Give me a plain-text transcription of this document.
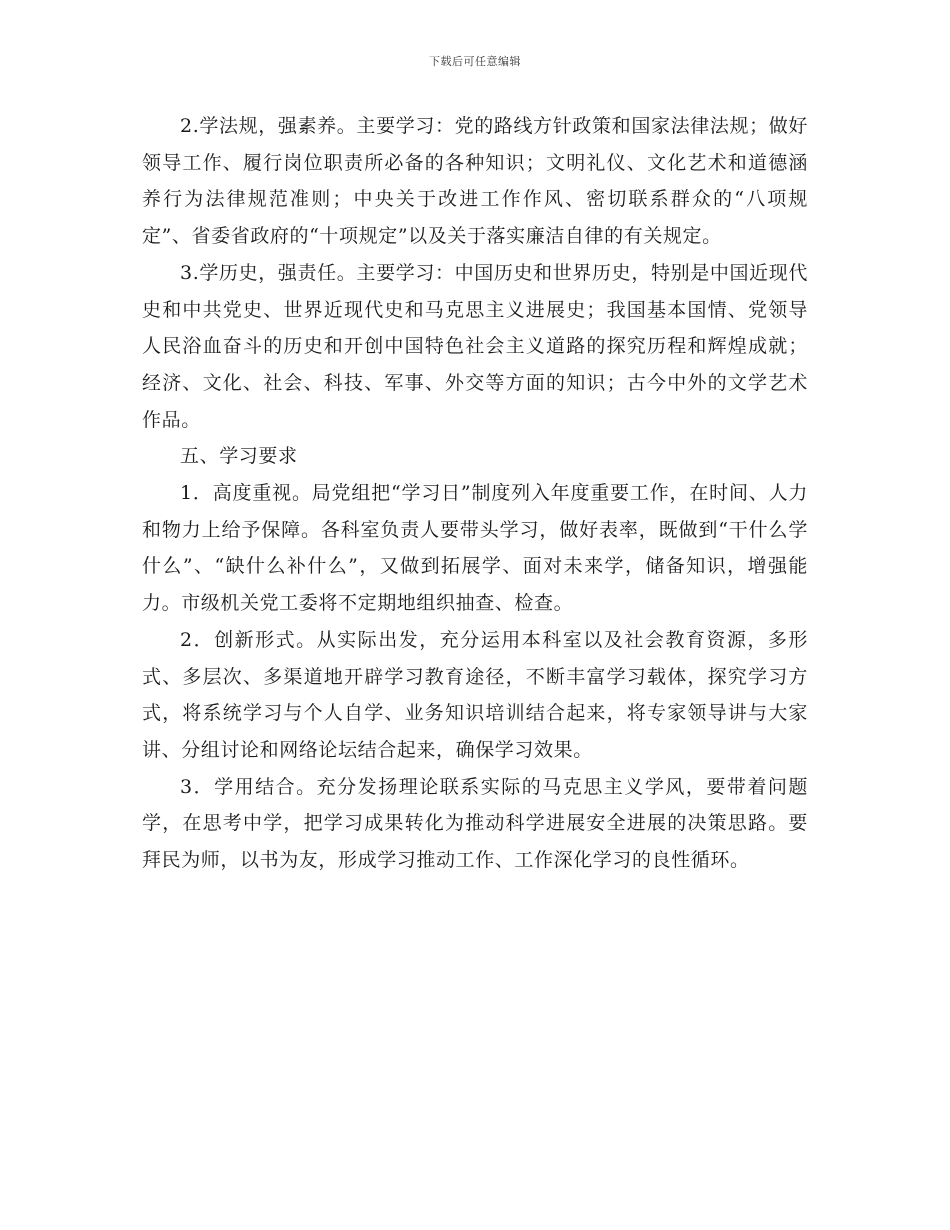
下载后可任意编辑

2.学法规，强素养。主要学习：党的路线方针政策和国家法律法规；做好领导工作、履行岗位职责所必备的各种知识；文明礼仪、文化艺术和道德涵养行为法律规范准则；中央关于改进工作作风、密切联系群众的“八项规定”、省委省政府的“十项规定”以及关于落实廉洁自律的有关规定。

3.学历史，强责任。主要学习：中国历史和世界历史，特别是中国近现代史和中共党史、世界近现代史和马克思主义进展史；我国基本国情、党领导人民浴血奋斗的历史和开创中国特色社会主义道路的探究历程和辉煌成就；经济、文化、社会、科技、军事、外交等方面的知识；古今中外的文学艺术作品。

五、学习要求

1．高度重视。局党组把“学习日”制度列入年度重要工作，在时间、人力和物力上给予保障。各科室负责人要带头学习，做好表率，既做到“干什么学什么”、“缺什么补什么”，又做到拓展学、面对未来学，储备知识，增强能力。市级机关党工委将不定期地组织抽查、检查。

2．创新形式。从实际出发，充分运用本科室以及社会教育资源，多形式、多层次、多渠道地开辟学习教育途径，不断丰富学习载体，探究学习方式，将系统学习与个人自学、业务知识培训结合起来，将专家领导讲与大家讲、分组讨论和网络论坛结合起来，确保学习效果。

3．学用结合。充分发扬理论联系实际的马克思主义学风，要带着问题学，在思考中学，把学习成果转化为推动科学进展安全进展的决策思路。要拜民为师，以书为友，形成学习推动工作、工作深化学习的良性循环。
